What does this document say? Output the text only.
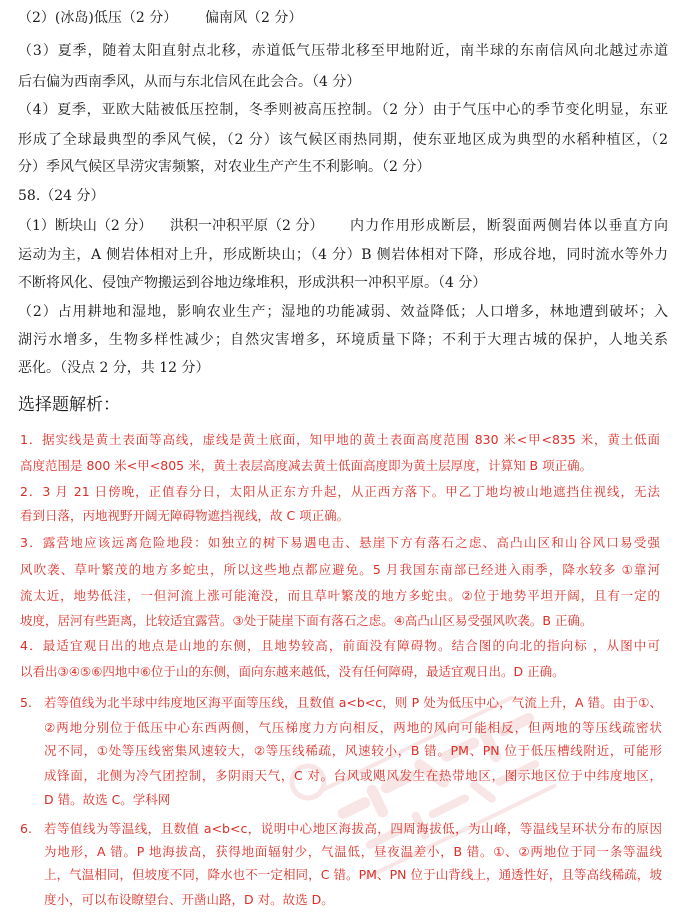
（2）(冰岛)低压（2 分） 偏南风（2 分）
（3）夏季，随着太阳直射点北移，赤道低气压带北移至甲地附近，南半球的东南信风向北越过赤道
后右偏为西南季风，从而与东北信风在此会合。（4 分）
（4）夏季，亚欧大陆被低压控制，冬季则被高压控制。（2 分）由于气压中心的季节变化明显，东亚
形成了全球最典型的季风气候，（2 分）该气候区雨热同期，使东亚地区成为典型的水稻种植区，（2
分）季风气候区旱涝灾害频繁，对农业生产产生不利影响。（2 分）
58.（24 分）
（1）断块山（2 分） 洪积一冲积平原（2 分） 内力作用形成断层，断裂面两侧岩体以垂直方向
运动为主，A 侧岩体相对上升，形成断块山；（4 分）B 侧岩体相对下降，形成谷地，同时流水等外力
不断将风化、侵蚀产物搬运到谷地边缘堆积，形成洪积一冲积平原。（4 分）
（2）占用耕地和湿地，影响农业生产；湿地的功能减弱、效益降低；人口增多，林地遭到破坏；入
湖污水增多，生物多样性减少；自然灾害增多，环境质量下降；不利于大理古城的保护，人地关系
恶化。（没点 2 分，共 12 分）
选择题解析：
1．据实线是黄土表面等高线，虚线是黄土底面，知甲地的黄土表面高度范围 830 米<甲<835 米，黄土低面
高度范围是 800 米<甲<805 米，黄土表层高度减去黄土低面高度即为黄土层厚度，计算知 B 项正确。
2．3 月 21 日傍晚，正值春分日，太阳从正东方升起，从正西方落下。甲乙丁地均被山地遮挡住视线，无法
看到日落，丙地视野开阔无障碍物遮挡视线，故 C 项正确。
3．露营地应该远离危险地段：如独立的树下易遇电击、悬崖下方有落石之虑、高凸山区和山谷风口易受强
风吹袭、草叶繁茂的地方多蛇虫，所以这些地点都应避免。5 月我国东南部已经进入雨季，降水较多 ①靠河
流太近，地势低洼，一但河流上涨可能淹没，而且草叶繁茂的地方多蛇虫。②位于地势平坦开阔，且有一定的
坡度，居河有些距离，比较适宜露营。③处于陡崖下面有落石之虑。④高凸山区易受强风吹袭。B 正确。
4．最适宜观日出的地点是山地的东侧，且地势较高，前面没有障碍物。结合图的向北的指向标 ，从图中可
以看出③④⑤⑥四地中⑥位于山的东侧，面向东越来越低，没有任何障碍，最适宜观日出。D 正确。
5. 若等值线为北半球中纬度地区海平面等压线，且数值 a<b<c，则 P 处为低压中心，气流上升，A 错。由于①、
②两地分别位于低压中心东西两侧，气压梯度力方向相反，两地的风向可能相反，但两地的等压线疏密状
况不同，①处等压线密集风速较大，②等压线稀疏，风速较小，B 错。PM、PN 位于低压槽线附近，可能形
成锋面，北侧为冷气团控制，多阴雨天气，C 对。台风或飓风发生在热带地区，图示地区位于中纬度地区，
D 错。故选 C。学科网
6. 若等值线为等温线，且数值 a<b<c，说明中心地区海拔高，四周海拔低，为山峰，等温线呈环状分布的原因
为地形，A 错。P 地海拔高，获得地面辐射少，气温低，昼夜温差小，B 错。①、②两地位于同一条等温线
上，气温相同，但坡度不同，降水也不一定相同，C 错。PM、PN 位于山背线上，通透性好，且等高线稀疏，坡
度小，可以布设瞭望台、开凿山路，D 对。故选 D。
